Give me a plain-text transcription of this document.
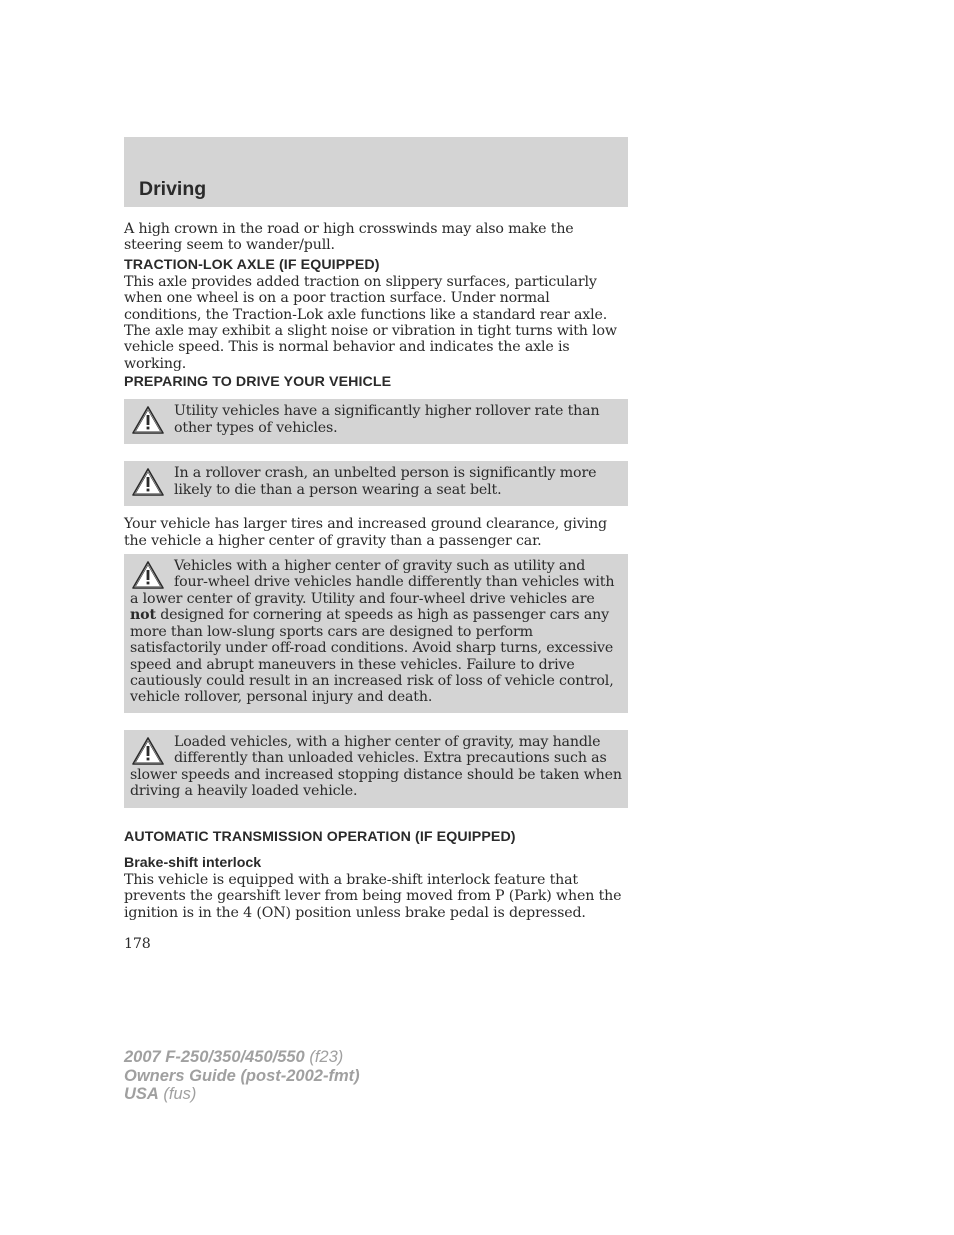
Driving

A high crown in the road or high crosswinds may also make the steering seem to wander/pull.

TRACTION-LOK AXLE (IF EQUIPPED)

This axle provides added traction on slippery surfaces, particularly when one wheel is on a poor traction surface. Under normal conditions, the Traction-Lok axle functions like a standard rear axle. The axle may exhibit a slight noise or vibration in tight turns with low vehicle speed. This is normal behavior and indicates the axle is working.

PREPARING TO DRIVE YOUR VEHICLE
Utility vehicles have a significantly higher rollover rate than other types of vehicles.
In a rollover crash, an unbelted person is significantly more likely to die than a person wearing a seat belt.

Your vehicle has larger tires and increased ground clearance, giving the vehicle a higher center of gravity than a passenger car.

Vehicles with a higher center of gravity such as utility and four-wheel drive vehicles handle differently than vehicles with a lower center of gravity. Utility and four-wheel drive vehicles are not designed for cornering at speeds as high as passenger cars any more than low-slung sports cars are designed to perform satisfactorily under off-road conditions. Avoid sharp turns, excessive speed and abrupt maneuvers in these vehicles. Failure to drive cautiously could result in an increased risk of loss of vehicle control, vehicle rollover, personal injury and death.
Loaded vehicles, with a higher center of gravity, may handle differently than unloaded vehicles. Extra precautions such as slower speeds and increased stopping distance should be taken when driving a heavily loaded vehicle.
AUTOMATIC TRANSMISSION OPERATION (IF EQUIPPED)
Brake-shift interlock

This vehicle is equipped with a brake-shift interlock feature that prevents the gearshift lever from being moved from P (Park) when the ignition is in the 4 (ON) position unless brake pedal is depressed.

178

2007 F-250/350/450/550 (f23)
Owners Guide (post-2002-fmt)
USA (fus)
